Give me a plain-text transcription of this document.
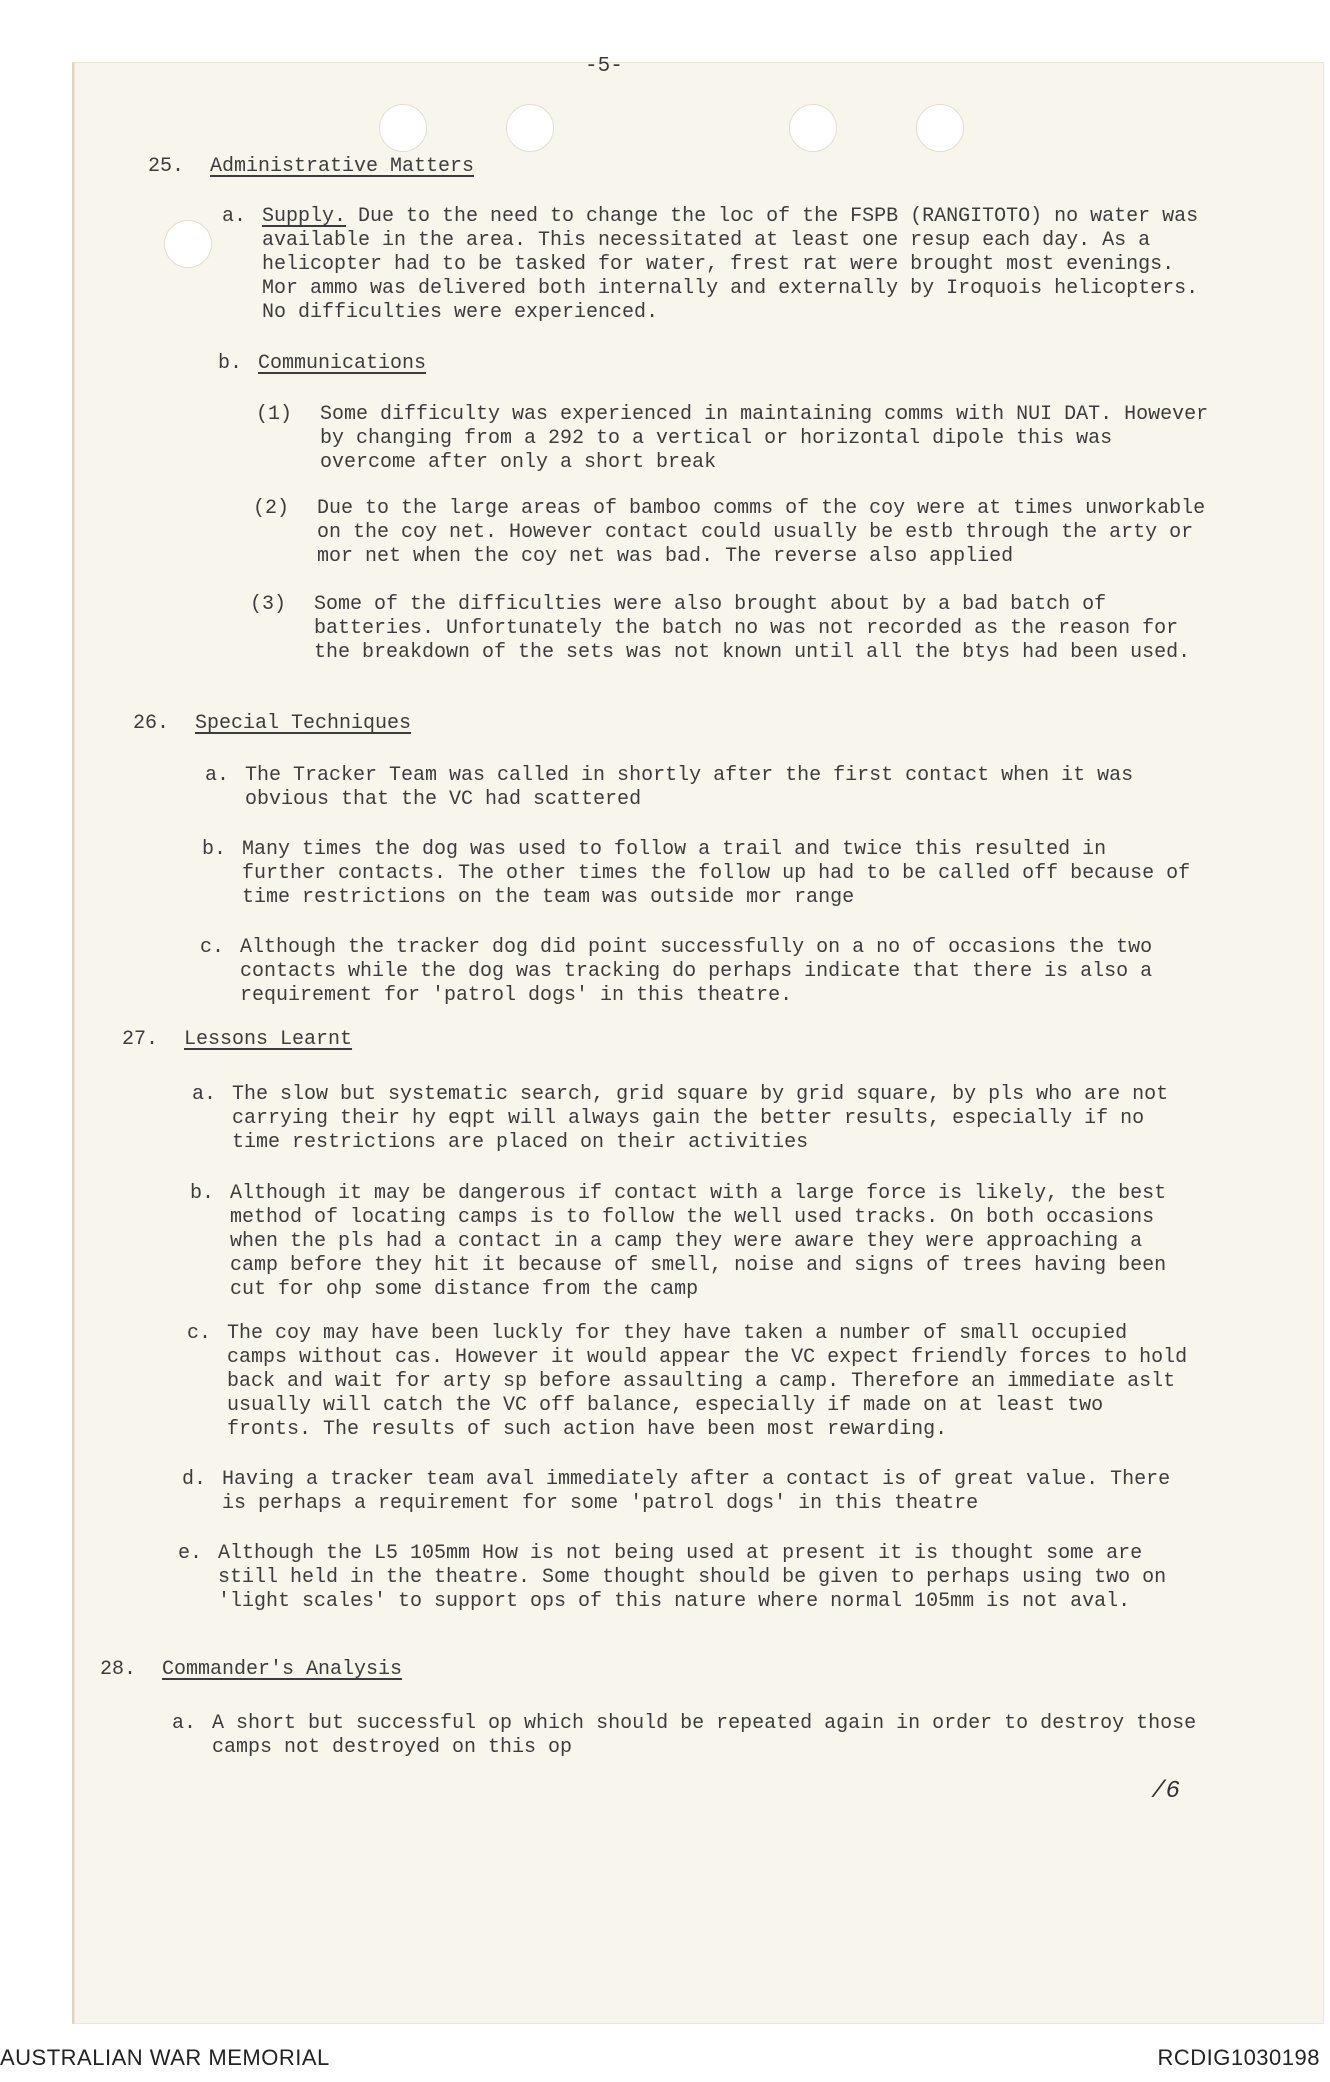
-5-
25. Administrative Matters
a. Supply. Due to the need to change the loc of the FSPB (RANGITOTO) no water was available in the area. This necessitated at least one resup each day. As a helicopter had to be tasked for water, frest rat were brought most evenings. Mor ammo was delivered both internally and externally by Iroquois helicopters. No difficulties were experienced.
b. Communications
(1) Some difficulty was experienced in maintaining comms with NUI DAT. However by changing from a 292 to a vertical or horizontal dipole this was overcome after only a short break
(2) Due to the large areas of bamboo comms of the coy were at times unworkable on the coy net. However contact could usually be estb through the arty or mor net when the coy net was bad. The reverse also applied
(3) Some of the difficulties were also brought about by a bad batch of batteries. Unfortunately the batch no was not recorded as the reason for the breakdown of the sets was not known until all the btys had been used.
26. Special Techniques
a. The Tracker Team was called in shortly after the first contact when it was obvious that the VC had scattered
b. Many times the dog was used to follow a trail and twice this resulted in further contacts. The other times the follow up had to be called off because of time restrictions on the team was outside mor range
c. Although the tracker dog did point successfully on a no of occasions the two contacts while the dog was tracking do perhaps indicate that there is also a requirement for 'patrol dogs' in this theatre.
27. Lessons Learnt
a. The slow but systematic search, grid square by grid square, by pls who are not carrying their hy eqpt will always gain the better results, especially if no time restrictions are placed on their activities
b. Although it may be dangerous if contact with a large force is likely, the best method of locating camps is to follow the well used tracks. On both occasions when the pls had a contact in a camp they were aware they were approaching a camp before they hit it because of smell, noise and signs of trees having been cut for ohp some distance from the camp
c. The coy may have been luckly for they have taken a number of small occupied camps without cas. However it would appear the VC expect friendly forces to hold back and wait for arty sp before assaulting a camp. Therefore an immediate aslt usually will catch the VC off balance, especially if made on at least two fronts. The results of such action have been most rewarding.
d. Having a tracker team aval immediately after a contact is of great value. There is perhaps a requirement for some 'patrol dogs' in this theatre
e. Although the L5 105mm How is not being used at present it is thought some are still held in the theatre. Some thought should be given to perhaps using two on 'light scales' to support ops of this nature where normal 105mm is not aval.
28. Commander's Analysis
a. A short but successful op which should be repeated again in order to destroy those camps not destroyed on this op
/6
AUSTRALIAN WAR MEMORIAL	RCDIG1030198
